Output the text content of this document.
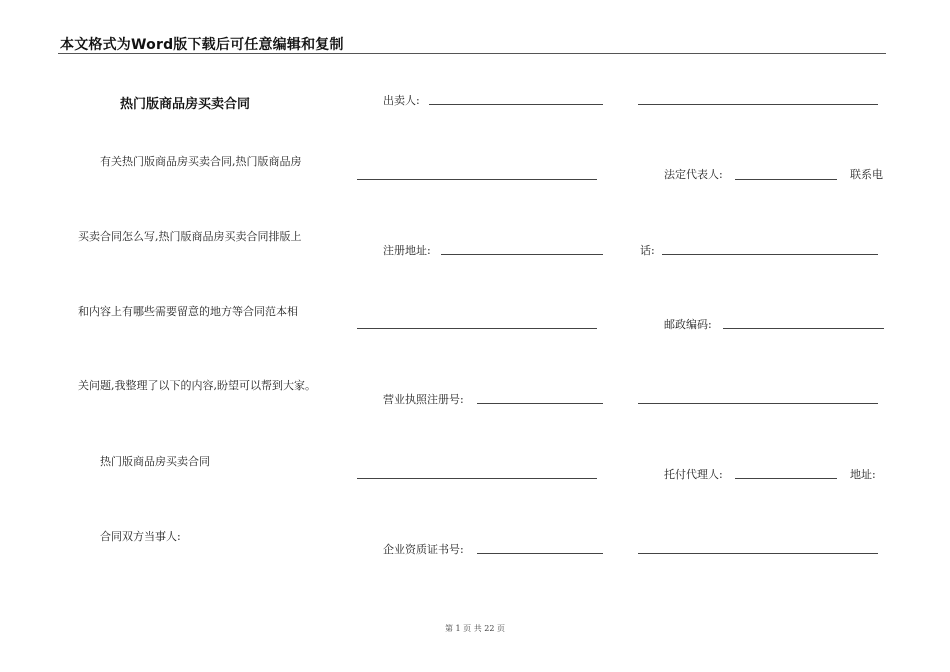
本文格式为Word版下载后可任意编辑和复制
热门版商品房买卖合同
有关热门版商品房买卖合同,热门版商品房
买卖合同怎么写,热门版商品房买卖合同排版上
和内容上有哪些需要留意的地方等合同范本相
关问题,我整理了以下的内容,盼望可以帮到大家。
热门版商品房买卖合同
合同双方当事人:
出卖人:
注册地址:
营业执照注册号:
企业资质证书号:
法定代表人:	联系电
话:
邮政编码:
托付代理人:	地址:
第 1 页 共 22 页
